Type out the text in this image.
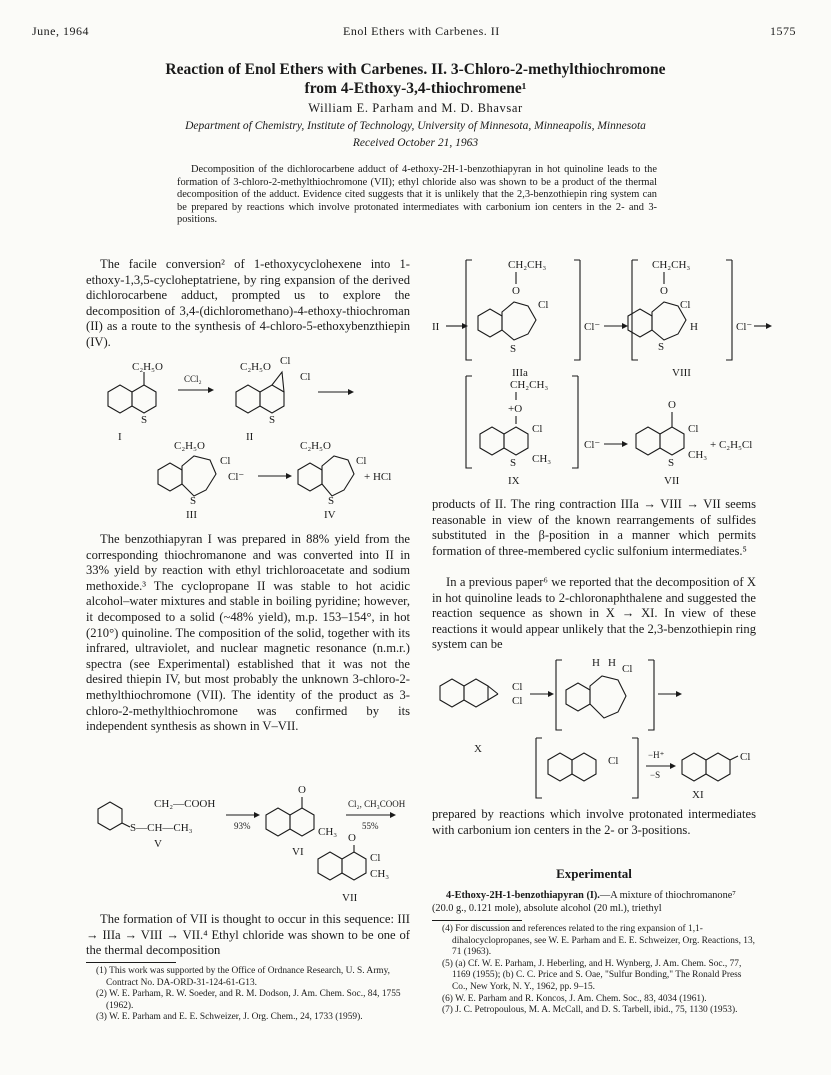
June, 1964	Enol Ethers with Carbenes. II	1575
Reaction of Enol Ethers with Carbenes. II. 3-Chloro-2-methylthiochromone
from 4-Ethoxy-3,4-thiochromene¹
William E. Parham and M. D. Bhavsar
Department of Chemistry, Institute of Technology, University of Minnesota, Minneapolis, Minnesota
Received October 21, 1963
Decomposition of the dichlorocarbene adduct of 4-ethoxy-2H-1-benzothiapyran in hot quinoline leads to the formation of 3-chloro-2-methylthiochromone (VII); ethyl chloride also was shown to be a product of the thermal decomposition of the adduct. Evidence cited suggests that it is unlikely that the 2,3-benzothiepin ring system can be prepared by reactions which involve protonated intermediates with carbonium ion centers in the 2- and 3-positions.
The facile conversion² of 1-ethoxycyclohexene into 1-ethoxy-1,3,5-cycloheptatriene, by ring expansion of the derived dichlorocarbene adduct, prompted us to explore the decomposition of 3,4-(dichloromethano)-4-ethoxy-thiochroman (II) as a route to the synthesis of 4-chloro-5-ethoxybenzthiepin (IV).
C₂H₅O
S
I
CCl₂
C₂H₅O Cl
Cl
S
II
C₂H₅O
Cl
S
Cl⁻
III
C₂H₅O
Cl
S
+ HCl
IV
The benzothiapyran I was prepared in 88% yield from the corresponding thiochromanone and was converted into II in 33% yield by reaction with ethyl trichloroacetate and sodium methoxide.³ The cyclopropane II was stable to hot acidic alcohol–water mixtures and stable in boiling pyridine; however, it decomposed to a solid (~48% yield), m.p. 153–154°, in hot (210°) quinoline. The composition of the solid, together with its infrared, ultraviolet, and nuclear magnetic resonance (n.m.r.) spectra (see Experimental) established that it was not the desired thiepin IV, but most probably the unknown 3-chloro-2-methylthiochromone (VII). The identity of the product as 3-chloro-2-methylthiochromone was confirmed by its independent synthesis as shown in V–VII.
CH₂—COOH
S—CH—CH₃
V
93%
O
CH₃
VI
Cl₂, CH₃COOH
55%
O
Cl
CH₃
VII
The formation of VII is thought to occur in this sequence: III → IIIa → VIII → VII.⁴ Ethyl chloride was shown to be one of the thermal decomposition
(1) This work was supported by the Office of Ordnance Research, U. S. Army, Contract No. DA-ORD-31-124-61-G13.
(2) W. E. Parham, R. W. Soeder, and R. M. Dodson, J. Am. Chem. Soc., 84, 1755 (1962).
(3) W. E. Parham and E. E. Schweizer, J. Org. Chem., 24, 1733 (1959).
II
CH₂CH₃
O
Cl
S
IIIa
Cl⁻
CH₂CH₃
O
Cl
H
S
VIII
Cl⁻
CH₂CH₃
+O
Cl
S CH₃
IX
Cl⁻
O
Cl
CH₃
S
+ C₂H₅Cl
VII
products of II. The ring contraction IIIa → VIII → VII seems reasonable in view of the known rearrangements of sulfides substituted in the β-position in a manner which permits formation of three-membered cyclic sulfonium intermediates.⁵
In a previous paper⁶ we reported that the decomposition of X in hot quinoline leads to 2-chloronaphthalene and suggested the reaction sequence as shown in X → XI. In view of these reactions it would appear unlikely that the 2,3-benzothiepin ring system can be
Cl
Cl
X
H H Cl
Cl	−H⁺
−S
Cl
XI
prepared by reactions which involve protonated intermediates with carbonium ion centers in the 2- or 3-positions.
Experimental
4-Ethoxy-2H-1-benzothiapyran (I).—A mixture of thiochromanone⁷ (20.0 g., 0.121 mole), absolute alcohol (20 ml.), triethyl
(4) For discussion and references related to the ring expansion of 1,1-dihalocyclopropanes, see W. E. Parham and E. E. Schweizer, Org. Reactions, 13, 71 (1963).
(5) (a) Cf. W. E. Parham, J. Heberling, and H. Wynberg, J. Am. Chem. Soc., 77, 1169 (1955); (b) C. C. Price and S. Oae, "Sulfur Bonding," The Ronald Press Co., New York, N. Y., 1962, pp. 9–15.
(6) W. E. Parham and R. Koncos, J. Am. Chem. Soc., 83, 4034 (1961).
(7) J. C. Petropoulous, M. A. McCall, and D. S. Tarbell, ibid., 75, 1130 (1953).
